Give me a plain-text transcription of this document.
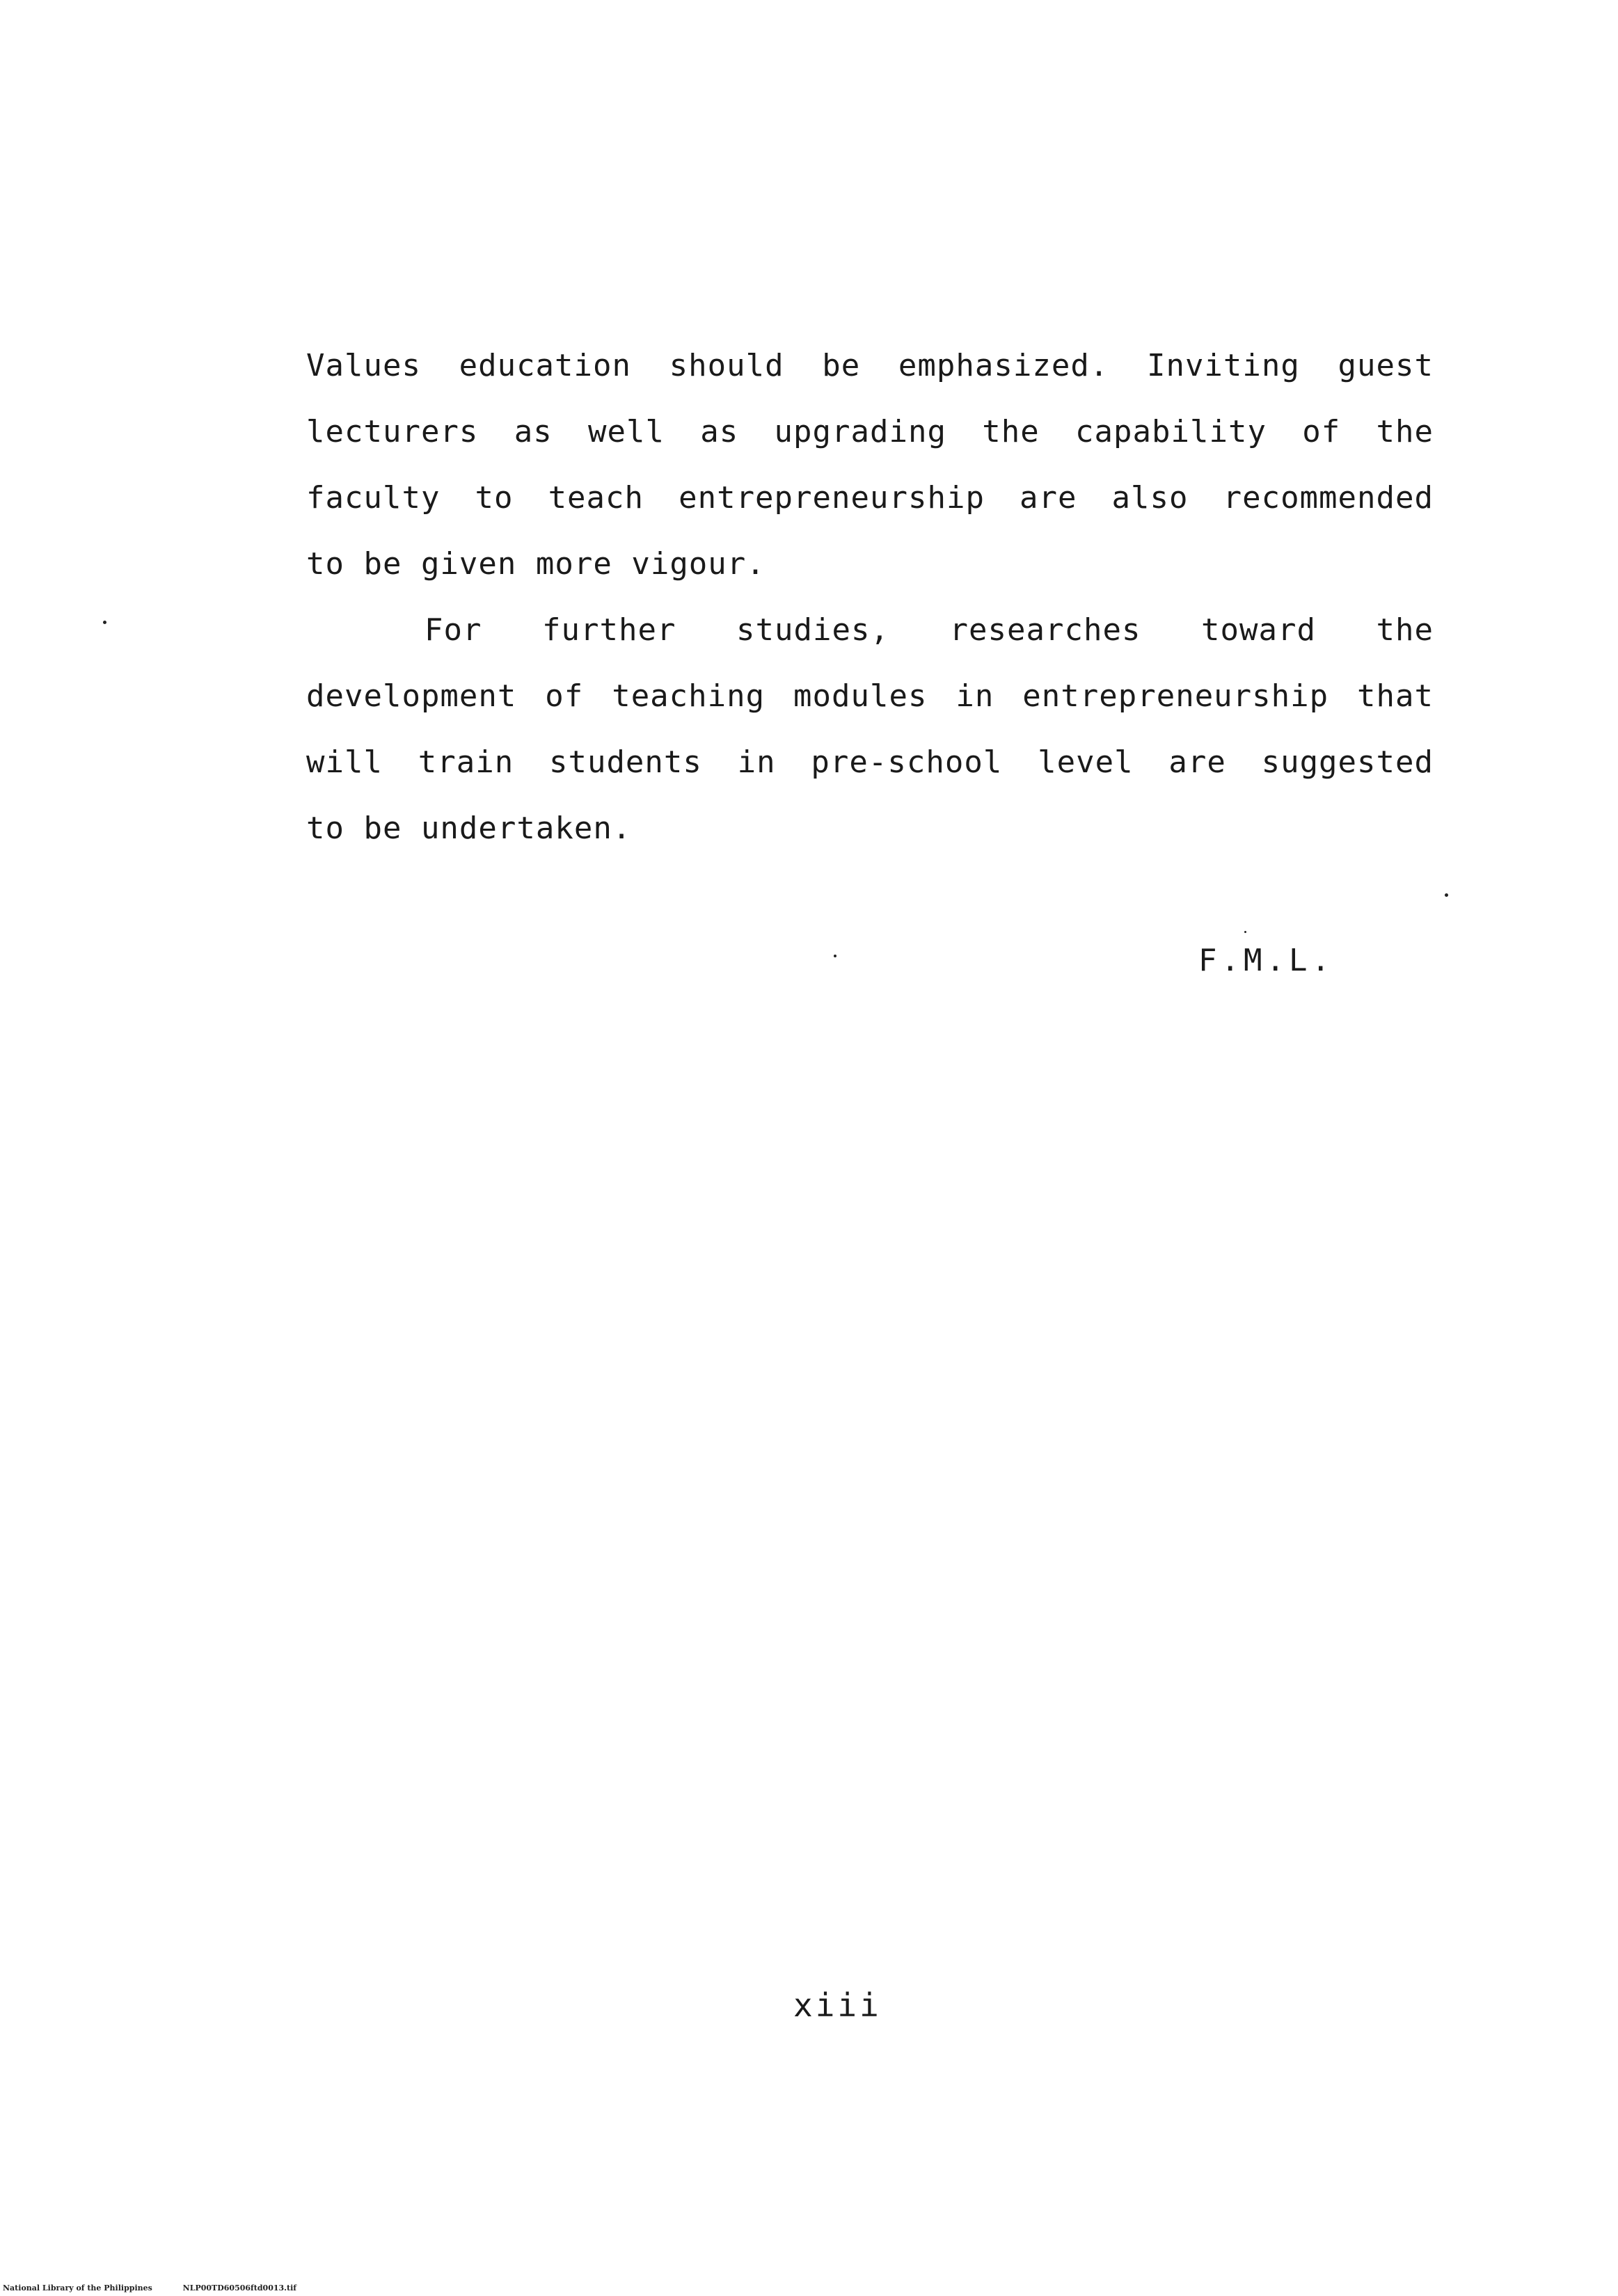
Values education should be emphasized. Inviting guest
lecturers as well as upgrading the capability of the
faculty to teach entrepreneurship are also recommended
to be given more vigour.
For further studies, researches toward the
development of teaching modules in entrepreneurship that
will train students in pre-school level are suggested
to be undertaken.
F.M.L.
xiii
National Library of the Philippines	NLP00TD60506ftd0013.tif
